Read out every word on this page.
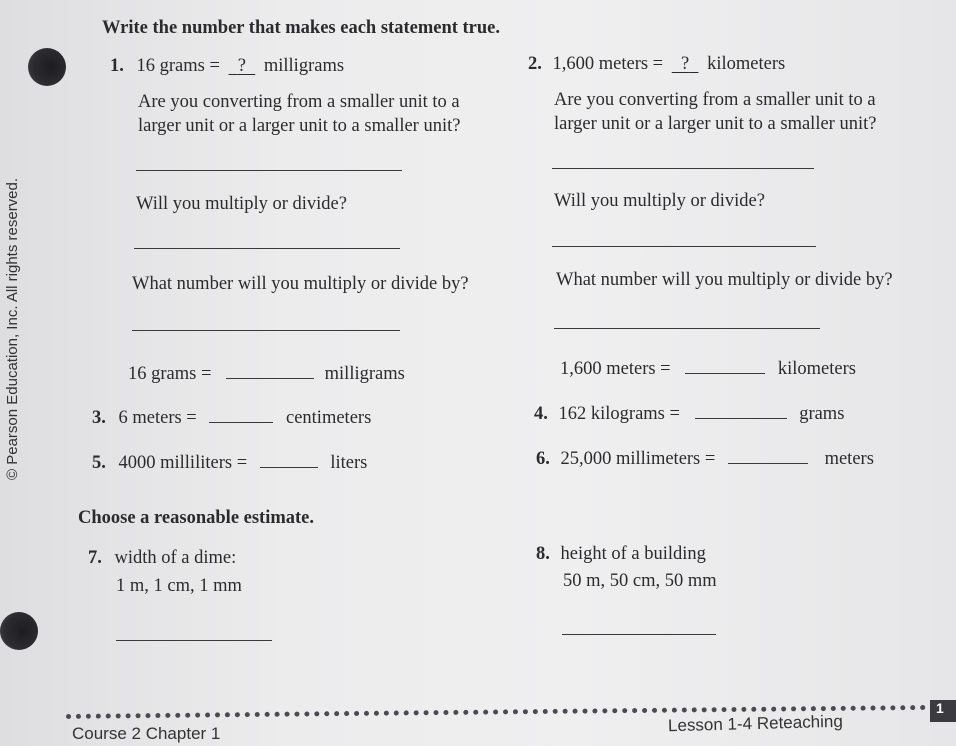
© Pearson Education, Inc. All rights reserved.
Write the number that makes each statement true.
1. 16 grams = ? milligrams
Are you converting from a smaller unit to a
larger unit or a larger unit to a smaller unit?
Will you multiply or divide?
What number will you multiply or divide by?
16 grams =	milligrams
2. 1,600 meters = ? kilometers
Are you converting from a smaller unit to a
larger unit or a larger unit to a smaller unit?
Will you multiply or divide?
What number will you multiply or divide by?
1,600 meters =	kilometers
3. 6 meters =	centimeters	4. 162 kilograms =	grams
5. 4000 milliliters =	liters	6. 25,000 millimeters =	meters
Choose a reasonable estimate.
7. width of a dime:
1 m, 1 cm, 1 mm
8. height of a building
50 m, 50 cm, 50 mm
Course 2 Chapter 1	Lesson 1-4 Reteaching
1
